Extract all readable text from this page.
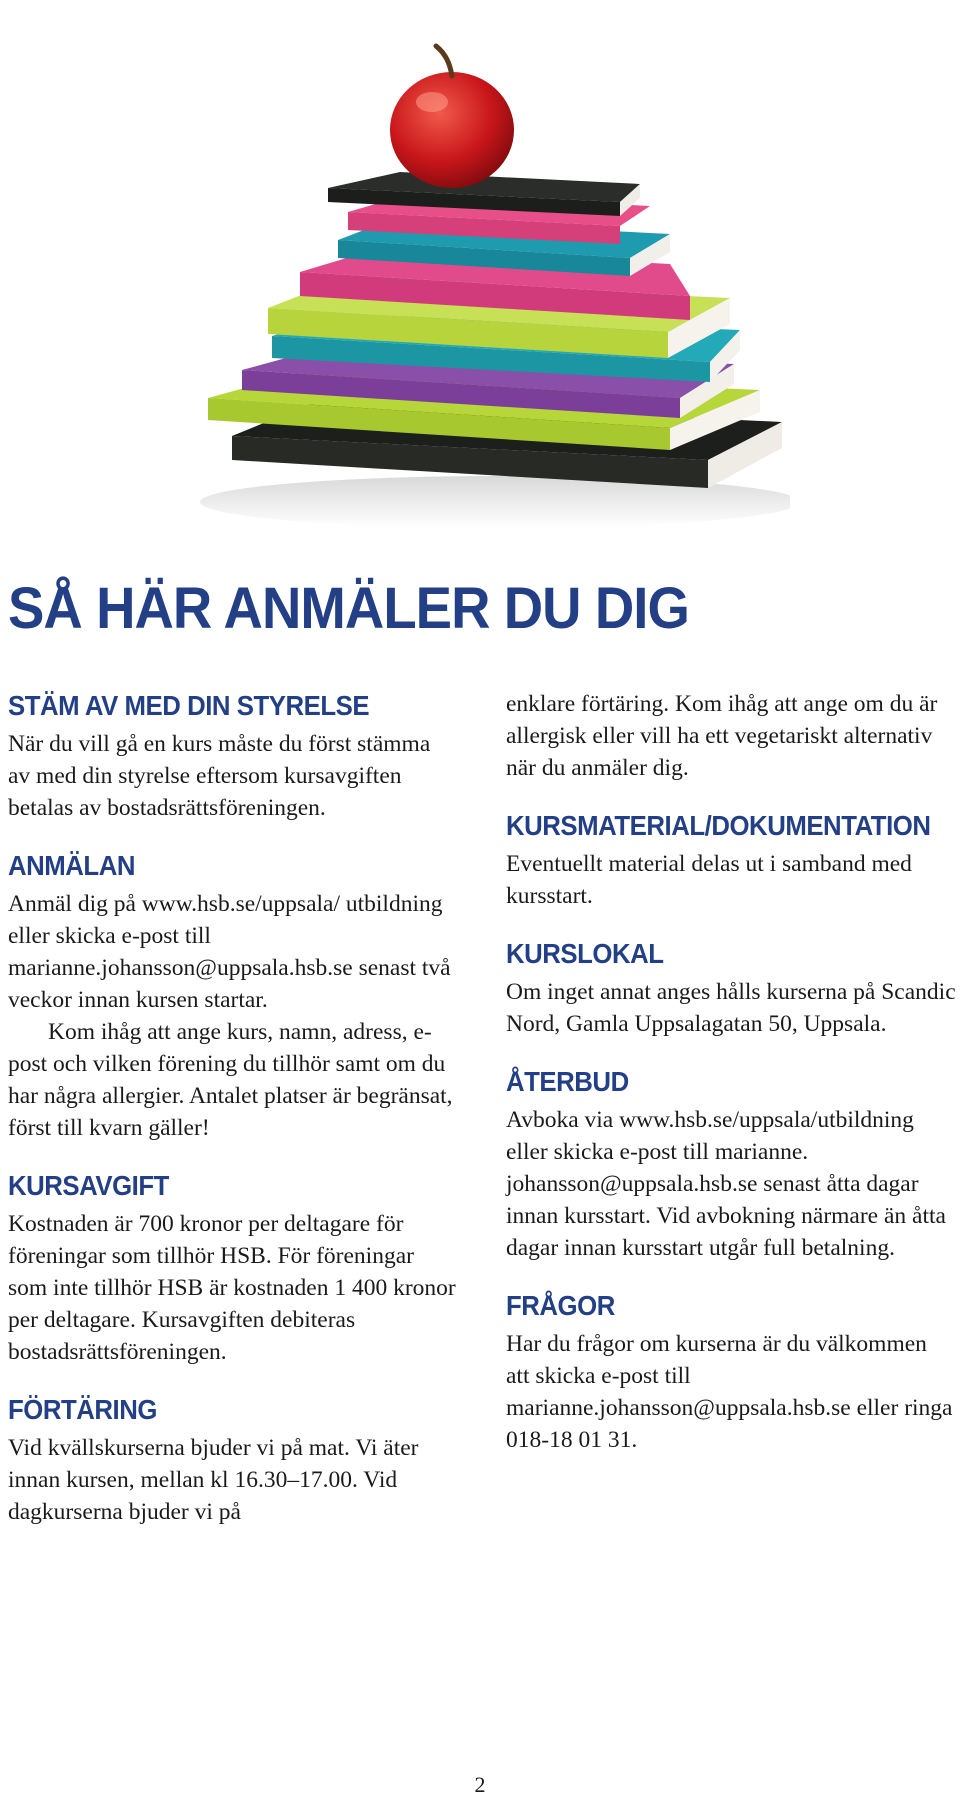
SÅ HÄR ANMÄLER DU DIG
STÄM AV MED DIN STYRELSE

När du vill gå en kurs måste du först stämma av med din styrelse eftersom kursavgiften betalas av bostadsrättsföreningen.

ANMÄLAN

Anmäl dig på www.hsb.se/uppsala/ utbildning eller skicka e-post till marianne.johansson@uppsala.hsb.se senast två veckor innan kursen startar.

Kom ihåg att ange kurs, namn, adress, e-post och vilken förening du tillhör samt om du har några allergier. Antalet platser är begränsat, först till kvarn gäller!

KURSAVGIFT

Kostnaden är 700 kronor per deltagare för föreningar som tillhör HSB. För föreningar som inte tillhör HSB är kostnaden 1 400 kronor per deltagare. Kursavgiften debiteras bostadsrättsföreningen.

FÖRTÄRING

Vid kvällskurserna bjuder vi på mat. Vi äter innan kursen, mellan kl 16.30–17.00. Vid dagkurserna bjuder vi på

enklare förtäring. Kom ihåg att ange om du är allergisk eller vill ha ett vegetariskt alternativ när du anmäler dig.

KURSMATERIAL/DOKUMENTATION

Eventuellt material delas ut i samband med kursstart.

KURSLOKAL

Om inget annat anges hålls kurserna på Scandic Nord, Gamla Uppsalagatan 50, Uppsala.

ÅTERBUD

Avboka via www.hsb.se/uppsala/utbildning eller skicka e-post till marianne. johansson@uppsala.hsb.se senast åtta dagar innan kursstart. Vid avbokning närmare än åtta dagar innan kursstart utgår full betalning.

FRÅGOR

Har du frågor om kurserna är du välkommen att skicka e-post till marianne.johansson@uppsala.hsb.se eller ringa 018-18 01 31.

2
